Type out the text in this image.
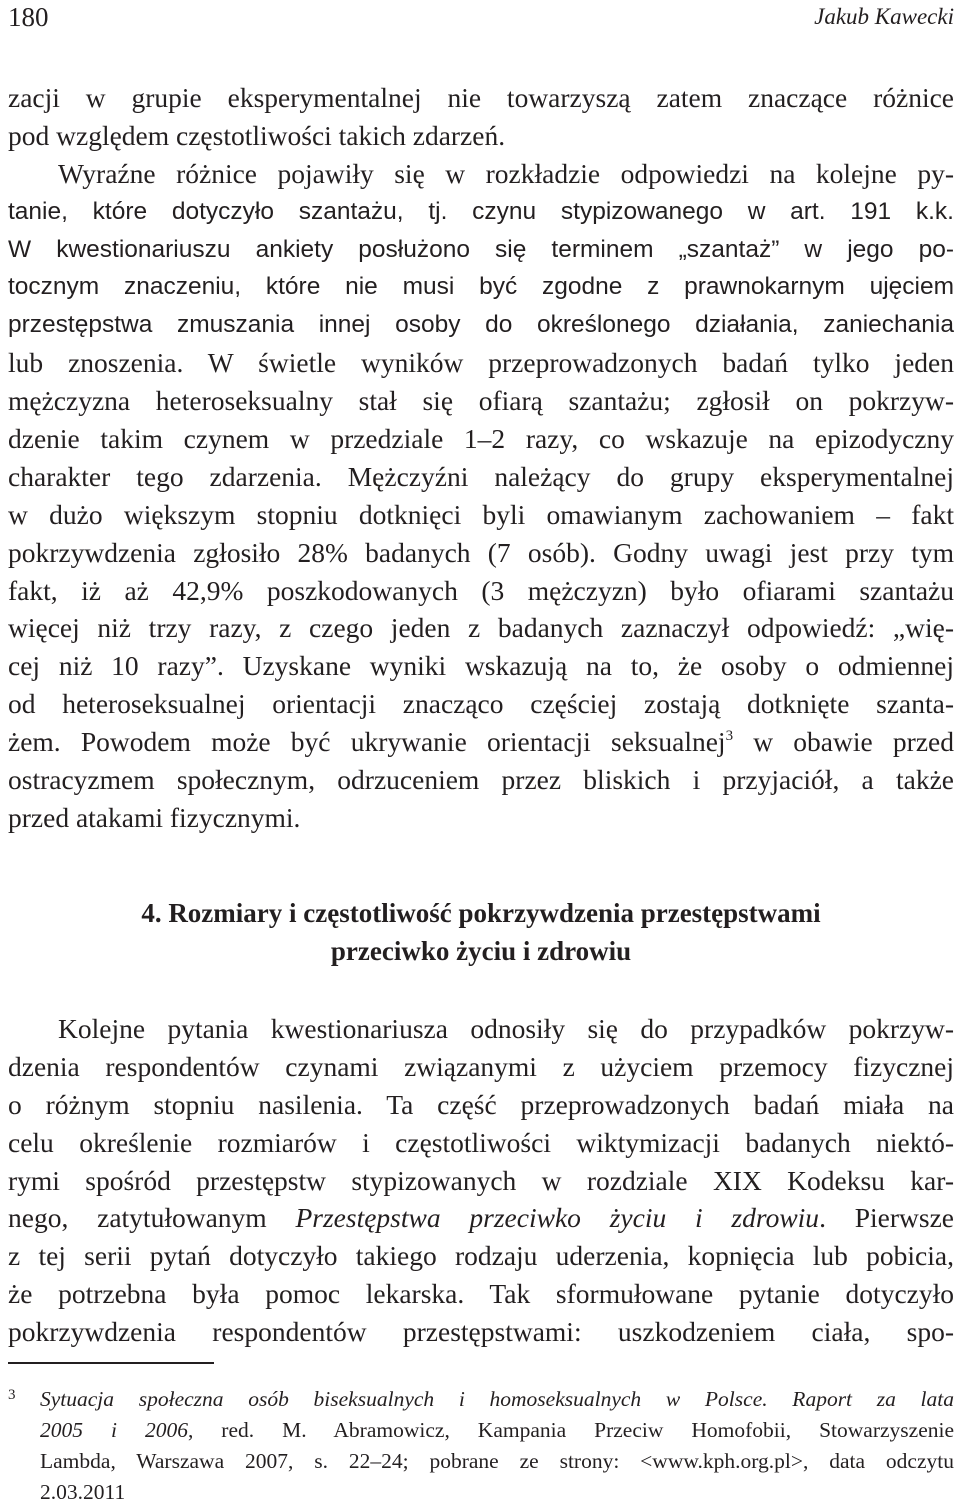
180	Jakub Kawecki
zacji w grupie eksperymentalnej nie towarzyszą zatem znaczące różnice
pod względem częstotliwości takich zdarzeń.
Wyraźne różnice pojawiły się w rozkładzie odpowiedzi na kolejne py-
tanie, które dotyczyło szantażu, tj. czynu stypizowanego w art. 191 k.k.
W kwestionariuszu ankiety posłużono się terminem „szantaż” w jego po-
tocznym znaczeniu, które nie musi być zgodne z prawnokarnym ujęciem
przestępstwa zmuszania innej osoby do określonego działania, zaniechania
lub znoszenia. W świetle wyników przeprowadzonych badań tylko jeden
mężczyzna heteroseksualny stał się ofiarą szantażu; zgłosił on pokrzyw-
dzenie takim czynem w przedziale 1–2 razy, co wskazuje na epizodyczny
charakter tego zdarzenia. Mężczyźni należący do grupy eksperymentalnej
w dużo większym stopniu dotknięci byli omawianym zachowaniem – fakt
pokrzywdzenia zgłosiło 28% badanych (7 osób). Godny uwagi jest przy tym
fakt, iż aż 42,9% poszkodowanych (3 mężczyzn) było ofiarami szantażu
więcej niż trzy razy, z czego jeden z badanych zaznaczył odpowiedź: „wię-
cej niż 10 razy”. Uzyskane wyniki wskazują na to, że osoby o odmiennej
od heteroseksualnej orientacji znacząco częściej zostają dotknięte szanta-
żem. Powodem może być ukrywanie orientacji seksualnej$^3$ w obawie przed
ostracyzmem społecznym, odrzuceniem przez bliskich i przyjaciół, a także
przed atakami fizycznymi.
4. Rozmiary i częstotliwość pokrzywdzenia przestępstwami
przeciwko życiu i zdrowiu
Kolejne pytania kwestionariusza odnosiły się do przypadków pokrzyw-
dzenia respondentów czynami związanymi z użyciem przemocy fizycznej
o różnym stopniu nasilenia. Ta część przeprowadzonych badań miała na
celu określenie rozmiarów i częstotliwości wiktymizacji badanych niektó-
rymi spośród przestępstw stypizowanych w rozdziale XIX Kodeksu kar-
nego, zatytułowanym Przestępstwa przeciwko życiu i zdrowiu. Pierwsze
z tej serii pytań dotyczyło takiego rodzaju uderzenia, kopnięcia lub pobicia,
że potrzebna była pomoc lekarska. Tak sformułowane pytanie dotyczyło
pokrzywdzenia respondentów przestępstwami: uszkodzeniem ciała, spo-
3	Sytuacja społeczna osób biseksualnych i homoseksualnych w Polsce. Raport za lata
2005 i 2006, red. M. Abramowicz, Kampania Przeciw Homofobii, Stowarzyszenie
Lambda, Warszawa 2007, s. 22–24; pobrane ze strony: <www.kph.org.pl>, data odczytu
2.03.2011
